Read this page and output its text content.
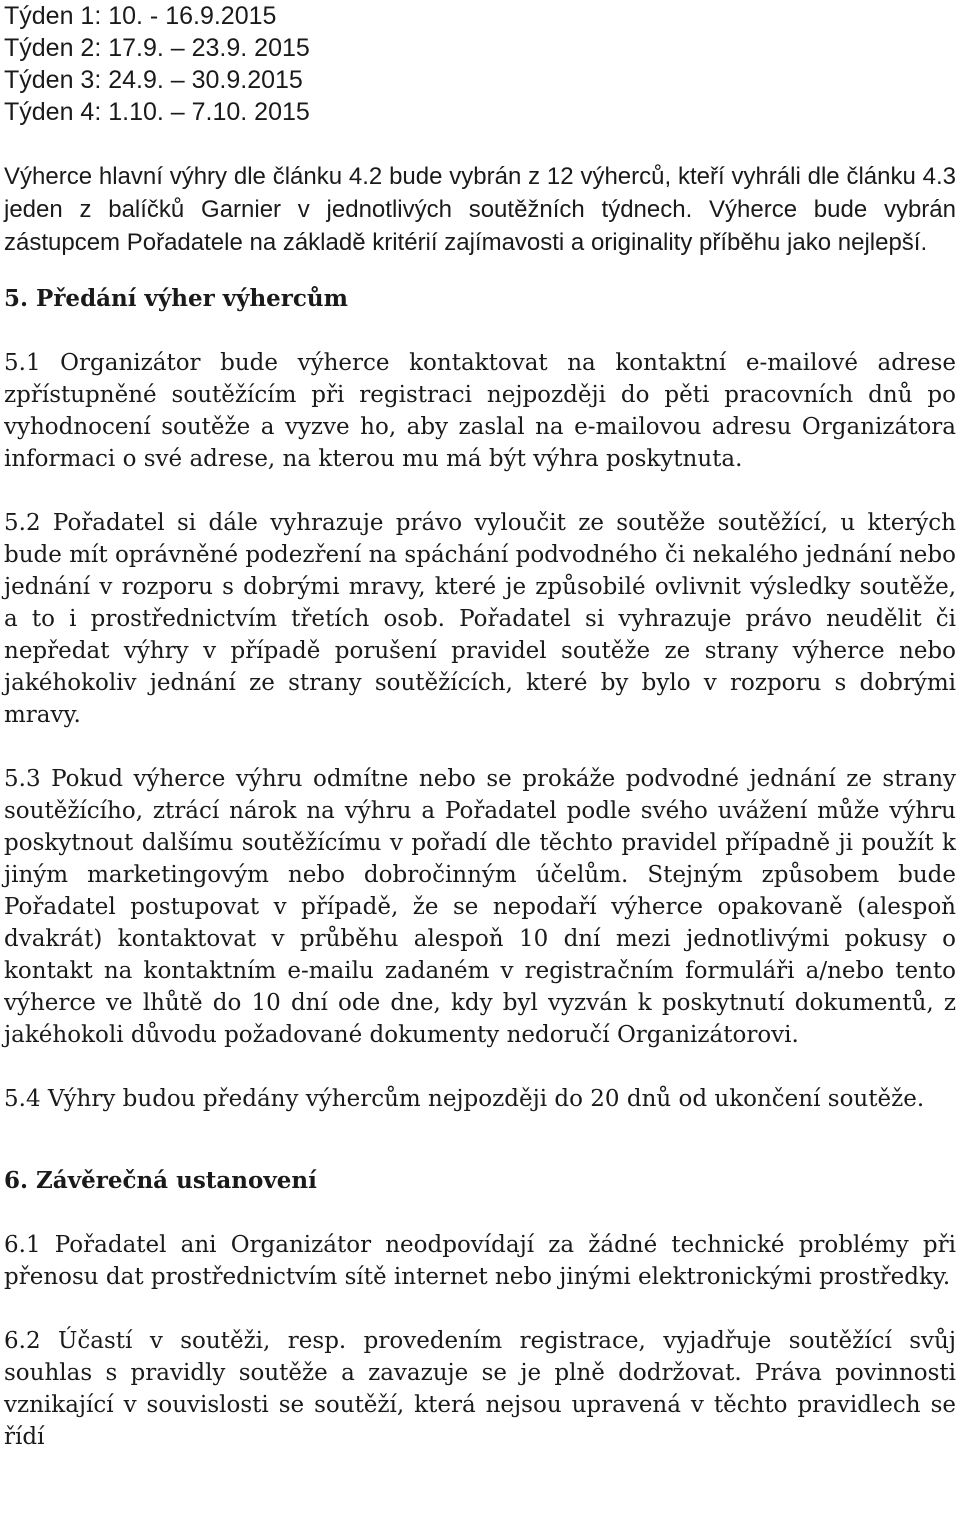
Týden 1: 10. - 16.9.2015
Týden 2: 17.9. – 23.9. 2015
Týden 3: 24.9. – 30.9.2015
Týden 4: 1.10. – 7.10. 2015

Výherce hlavní výhry dle článku 4.2 bude vybrán z 12 výherců, kteří vyhráli dle článku 4.3 jeden z balíčků Garnier v jednotlivých soutěžních týdnech. Výherce bude vybrán zástupcem Pořadatele na základě kritérií zajímavosti a originality příběhu jako nejlepší.

5. Předání výher výhercům

5.1 Organizátor bude výherce kontaktovat na kontaktní e-mailové adrese zpřístupněné soutěžícím při registraci nejpozději do pěti pracovních dnů po vyhodnocení soutěže a vyzve ho, aby zaslal na e-mailovou adresu Organizátora informaci o své adrese, na kterou mu má být výhra poskytnuta.

5.2 Pořadatel si dále vyhrazuje právo vyloučit ze soutěže soutěžící, u kterých bude mít oprávněné podezření na spáchání podvodného či nekalého jednání nebo jednání v rozporu s dobrými mravy, které je způsobilé ovlivnit výsledky soutěže, a to i prostřednictvím třetích osob. Pořadatel si vyhrazuje právo neudělit či nepředat výhry v případě porušení pravidel soutěže ze strany výherce nebo jakéhokoliv jednání ze strany soutěžících, které by bylo v rozporu s dobrými mravy.

5.3 Pokud výherce výhru odmítne nebo se prokáže podvodné jednání ze strany soutěžícího, ztrácí nárok na výhru a Pořadatel podle svého uvážení může výhru poskytnout dalšímu soutěžícímu v pořadí dle těchto pravidel případně ji použít k jiným marketingovým nebo dobročinným účelům. Stejným způsobem bude Pořadatel postupovat v případě, že se nepodaří výherce opakovaně (alespoň dvakrát) kontaktovat v průběhu alespoň 10 dní mezi jednotlivými pokusy o kontakt na kontaktním e-mailu zadaném v registračním formuláři a/nebo tento výherce ve lhůtě do 10 dní ode dne, kdy byl vyzván k poskytnutí dokumentů, z jakéhokoli důvodu požadované dokumenty nedoručí Organizátorovi.

5.4 Výhry budou předány výhercům nejpozději do 20 dnů od ukončení soutěže.

6. Závěrečná ustanovení

6.1 Pořadatel ani Organizátor neodpovídají za žádné technické problémy při přenosu dat prostřednictvím sítě internet nebo jinými elektronickými prostředky.

6.2 Účastí v soutěži, resp. provedením registrace, vyjadřuje soutěžící svůj souhlas s pravidly soutěže a zavazuje se je plně dodržovat. Práva povinnosti vznikající v souvislosti se soutěží, která nejsou upravená v těchto pravidlech se řídí
